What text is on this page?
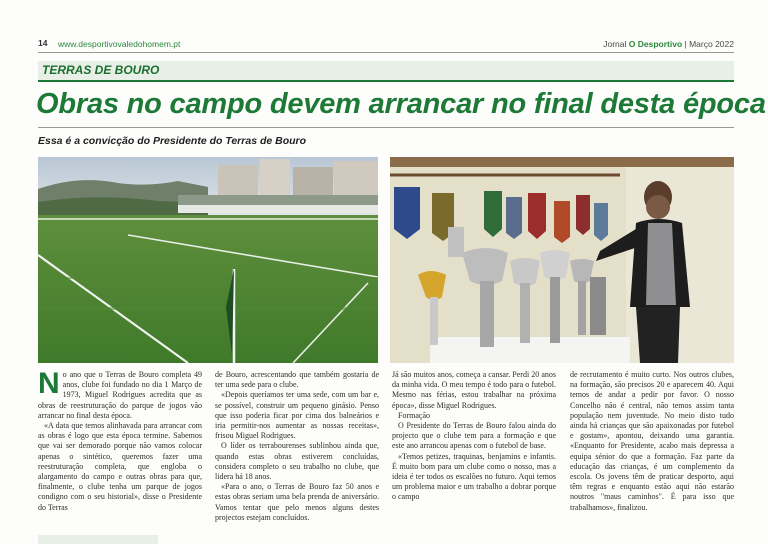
14 www.desportivovaledohomem.pt	Jornal O Desportivo | Março 2022
TERRAS DE BOURO
Obras no campo devem arrancar no final desta época
Essa é a convicção do Presidente do Terras de Bouro

No ano que o Terras de Bouro completa 49 anos, clube foi fundado no dia 1 Março de 1973, Miguel Rodrigues acredita que as obras de reestruturação do parque de jogos vão arrancar no final desta época.

«A data que temos alinhavada para arrancar com as obras é logo que esta época termine. Sabemos que vai ser demorado porque não vamos colocar apenas o sintético, queremos fazer uma reestruturação completa, que engloba o alargamento do campo e outras obras para que, finalmente, o clube tenha um parque de jogos condigno com o seu historial», disse o Presidente do Terras

de Bouro, acrescentando que também gostaria de ter uma sede para o clube.

«Depois queríamos ter uma sede, com um bar e, se possível, construir um pequeno ginásio. Penso que isso poderia ficar por cima dos balneários e iria permitir-nos aumentar as nossas receitas», frisou Miguel Rodrigues.

O líder os terrabourenses sublinhou ainda que, quando estas obras estiverem concluídas, considera completo o seu trabalho no clube, que lidera há 18 anos.

«Para o ano, o Terras de Bouro faz 50 anos e estas obras seriam uma bela prenda de aniversário. Vamos tentar que pelo menos alguns destes projectos estejam concluídos.

Já são muitos anos, começa a cansar. Perdi 20 anos da minha vida. O meu tempo é todo para o futebol. Mesmo nas férias, estou trabalhar na próxima época», disse Miguel Rodrigues.

Formação

O Presidente do Terras de Bouro falou ainda do projecto que o clube tem para a formação e que este ano arrancou apenas com o futebol de base.

«Temos petizes, traquinas, benjamins e infantis. É muito bom para um clube como o nosso, mas a ideia é ter todos os escalões no futuro. Aqui temos um problema maior e um trabalho a dobrar porque o campo

de recrutamento é muito curto. Nos outros clubes, na formação, são precisos 20 e aparecem 40. Aqui temos de andar a pedir por favor. O nosso Concelho não é central, não temos assim tanta população nem juventude. No meio disto tudo ainda há crianças que são apaixonadas por futebol e gostam», apontou, deixando uma garantia. «Enquanto for Presidente, acabo mais depressa a equipa sénior do que a formação. Faz parte da educação das crianças, é um complemento da escola. Os jovens têm de praticar desporto, aqui têm regras e enquanto estão aqui não estarão noutros "maus caminhos". É para isso que trabalhamos», finalizou.
